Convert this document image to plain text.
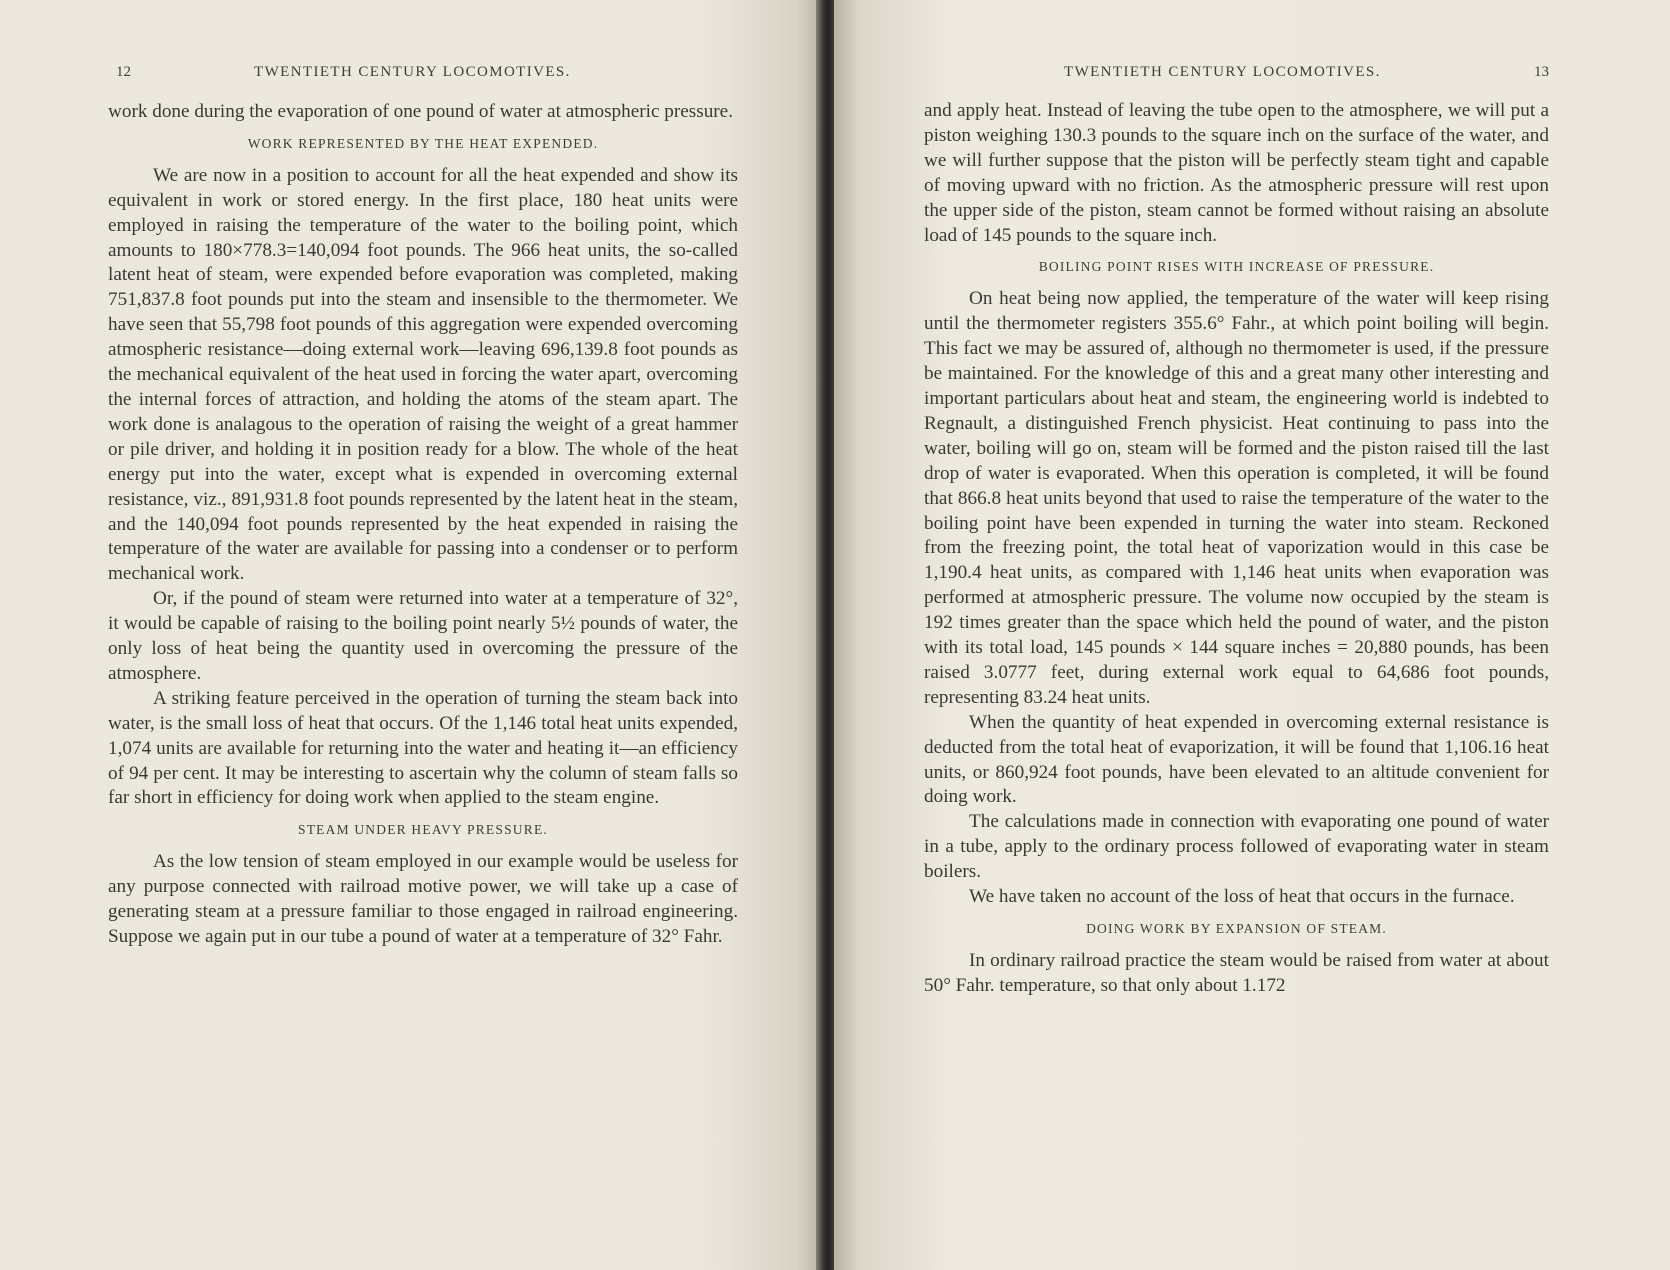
12	TWENTIETH CENTURY LOCOMOTIVES.

work done during the evaporation of one pound of water at atmospheric pressure.

WORK REPRESENTED BY THE HEAT EXPENDED.

We are now in a position to account for all the heat expended and show its equivalent in work or stored energy. In the first place, 180 heat units were employed in raising the temperature of the water to the boiling point, which amounts to 180×778.3=140,094 foot pounds. The 966 heat units, the so-called latent heat of steam, were expended before evaporation was completed, making 751,837.8 foot pounds put into the steam and insensible to the thermometer. We have seen that 55,798 foot pounds of this aggregation were expended overcoming atmospheric resistance—doing external work—leaving 696,139.8 foot pounds as the mechanical equivalent of the heat used in forcing the water apart, overcoming the internal forces of attraction, and holding the atoms of the steam apart. The work done is analagous to the operation of raising the weight of a great hammer or pile driver, and holding it in position ready for a blow. The whole of the heat energy put into the water, except what is expended in overcoming external resistance, viz., 891,931.8 foot pounds represented by the latent heat in the steam, and the 140,094 foot pounds represented by the heat expended in raising the temperature of the water are available for passing into a condenser or to perform mechanical work.

Or, if the pound of steam were returned into water at a temperature of 32°, it would be capable of raising to the boiling point nearly 5½ pounds of water, the only loss of heat being the quantity used in overcoming the pressure of the atmosphere.

A striking feature perceived in the operation of turning the steam back into water, is the small loss of heat that occurs. Of the 1,146 total heat units expended, 1,074 units are available for returning into the water and heating it—an efficiency of 94 per cent. It may be interesting to ascertain why the column of steam falls so far short in efficiency for doing work when applied to the steam engine.

STEAM UNDER HEAVY PRESSURE.

As the low tension of steam employed in our example would be useless for any purpose connected with railroad motive power, we will take up a case of generating steam at a pressure familiar to those engaged in railroad engineering. Suppose we again put in our tube a pound of water at a temperature of 32° Fahr.

TWENTIETH CENTURY LOCOMOTIVES.	13

and apply heat. Instead of leaving the tube open to the atmosphere, we will put a piston weighing 130.3 pounds to the square inch on the surface of the water, and we will further suppose that the piston will be perfectly steam tight and capable of moving upward with no friction. As the atmospheric pressure will rest upon the upper side of the piston, steam cannot be formed without raising an absolute load of 145 pounds to the square inch.

BOILING POINT RISES WITH INCREASE OF PRESSURE.

On heat being now applied, the temperature of the water will keep rising until the thermometer registers 355.6° Fahr., at which point boiling will begin. This fact we may be assured of, although no thermometer is used, if the pressure be maintained. For the knowledge of this and a great many other interesting and important particulars about heat and steam, the engineering world is indebted to Regnault, a distinguished French physicist. Heat continuing to pass into the water, boiling will go on, steam will be formed and the piston raised till the last drop of water is evaporated. When this operation is completed, it will be found that 866.8 heat units beyond that used to raise the temperature of the water to the boiling point have been expended in turning the water into steam. Reckoned from the freezing point, the total heat of vaporization would in this case be 1,190.4 heat units, as compared with 1,146 heat units when evaporation was performed at atmospheric pressure. The volume now occupied by the steam is 192 times greater than the space which held the pound of water, and the piston with its total load, 145 pounds × 144 square inches = 20,880 pounds, has been raised 3.0777 feet, during external work equal to 64,686 foot pounds, representing 83.24 heat units.

When the quantity of heat expended in overcoming external resistance is deducted from the total heat of evaporization, it will be found that 1,106.16 heat units, or 860,924 foot pounds, have been elevated to an altitude convenient for doing work.

The calculations made in connection with evaporating one pound of water in a tube, apply to the ordinary process followed of evaporating water in steam boilers.

We have taken no account of the loss of heat that occurs in the furnace.

DOING WORK BY EXPANSION OF STEAM.

In ordinary railroad practice the steam would be raised from water at about 50° Fahr. temperature, so that only about 1.172
